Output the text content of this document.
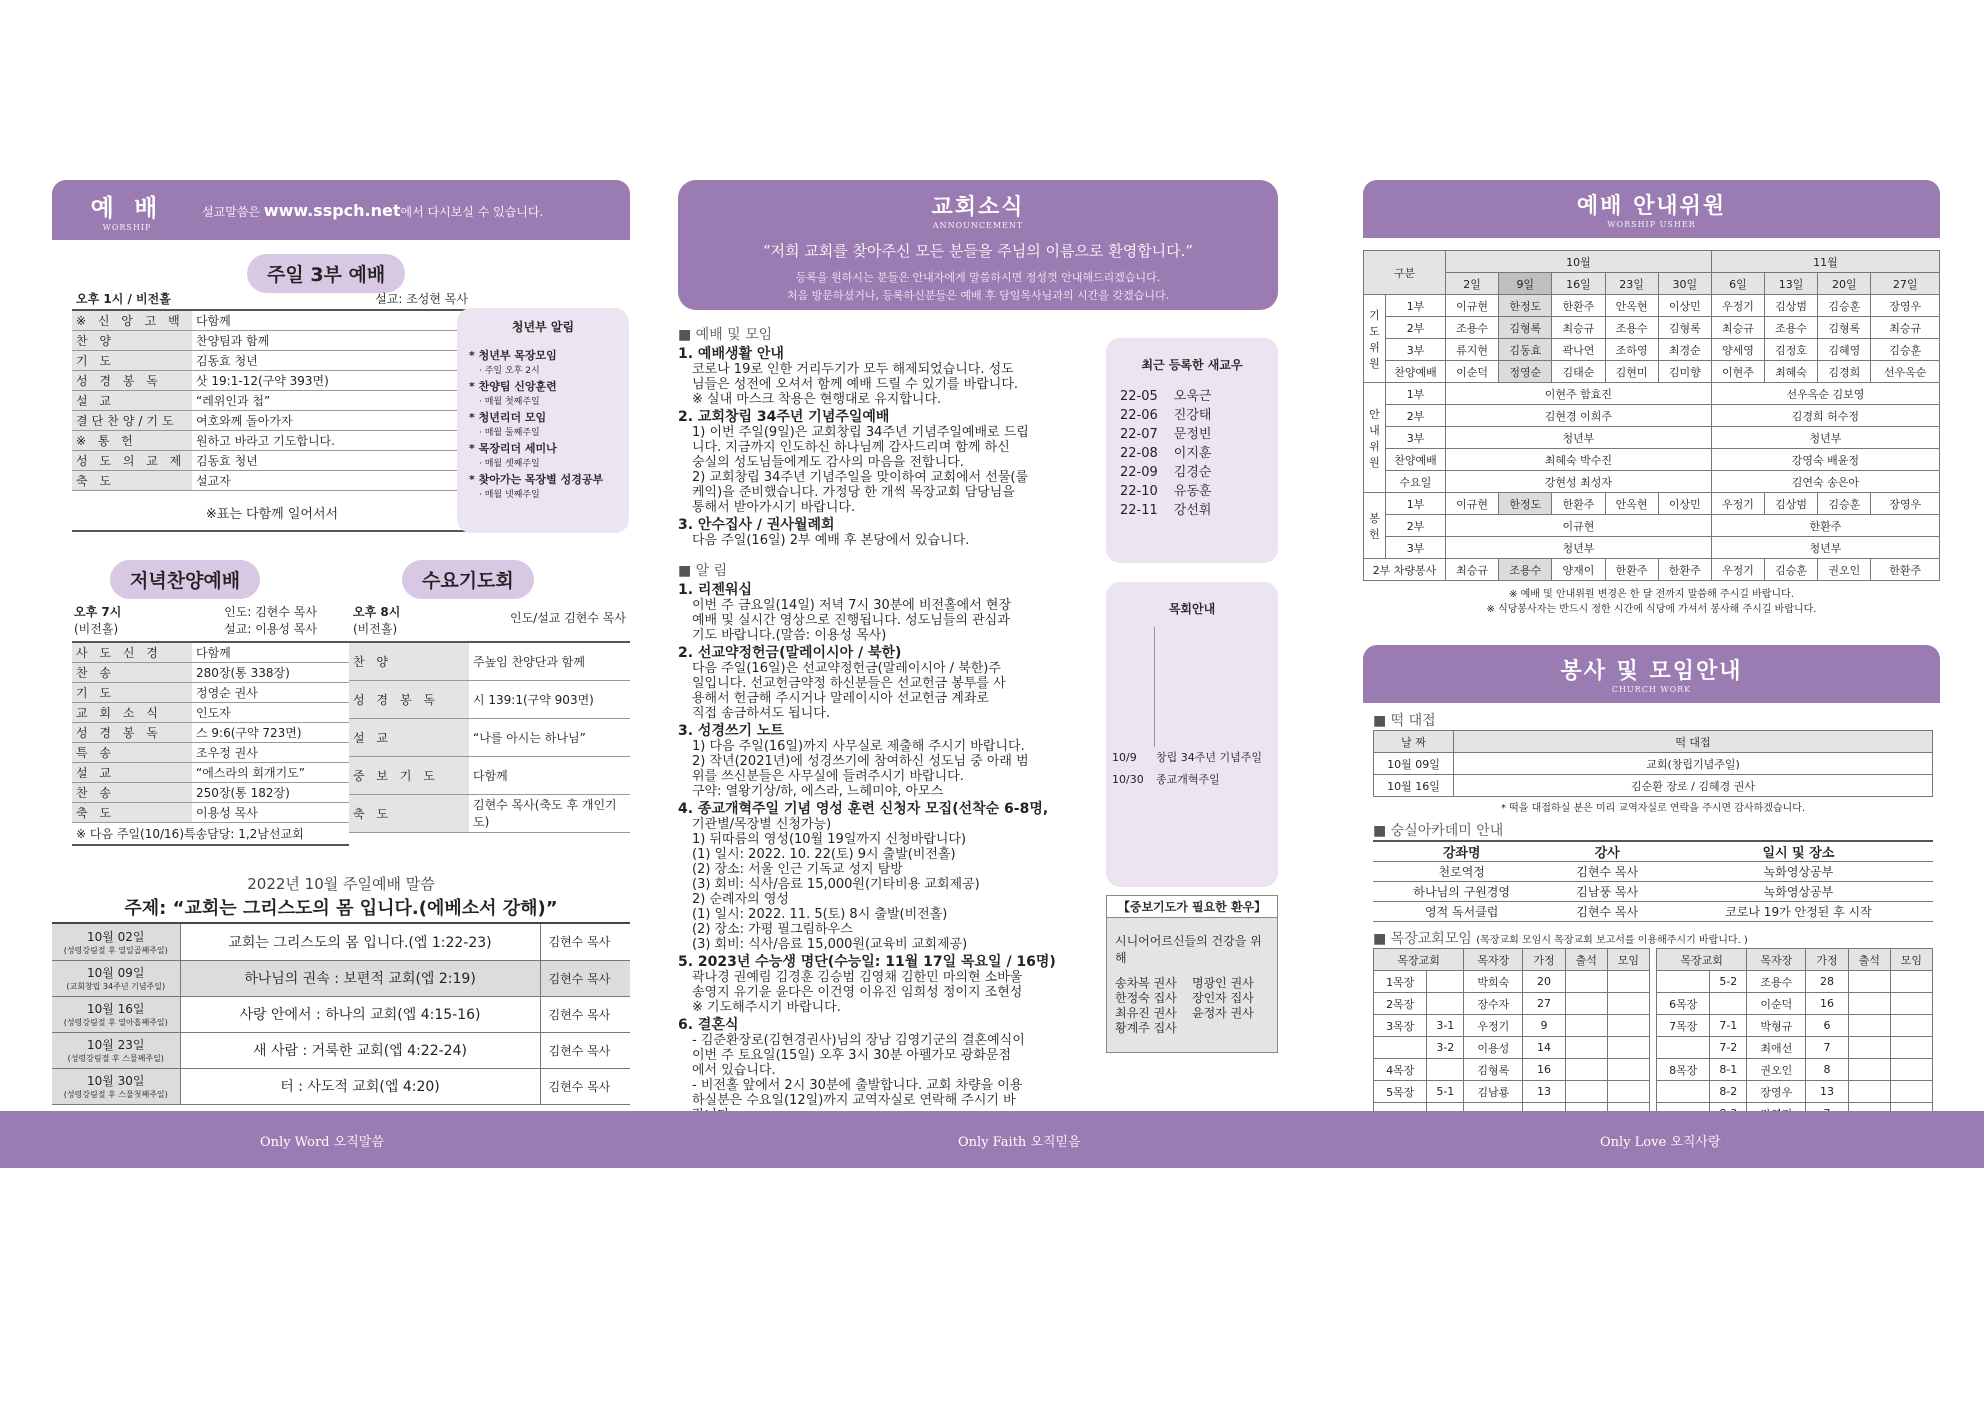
예 배
WORSHIP
설교말씀은 www.sspch.net에서 다시보실 수 있습니다.
주일 3부 예배
오후 1시 / 비전홀	설교: 조성현 목사
※ 신 앙 고 백	다함께
찬 양	찬양팀과 함께
기 도	김동효 청년
성 경 봉 독	삿 19:1-12(구약 393면)
설 교	“레위인과 첩”
결단찬양/기도	여호와께 돌아가자
※ 통 헌	원하고 바라고 기도합니다.
성 도 의 교 제	김동효 청년
축 도	설교자
※표는 다함께 일어서서
청년부 알림
* 청년부 목장모임
· 주일 오후 2시
* 찬양팀 신앙훈련
· 매월 첫째주일
* 청년리더 모임
· 매월 둘째주일
* 목장리더 세미나
· 매월 셋째주일
* 찾아가는 목장별 성경공부
· 매월 넷째주일
저녁찬양예배	수요기도회
오후 7시
(비전홀)
인도: 김현수 목사
설교: 이용성 목사
사 도 신 경	다함께
찬 송	280장(통 338장)
기 도	정영순 권사
교 회 소 식	인도자
성 경 봉 독	스 9:6(구약 723면)
특 송	조우정 권사
설 교	“에스라의 회개기도”
찬 송	250장(통 182장)
축 도	이용성 목사
※ 다음 주일(10/16)특송담당: 1,2남선교회
오후 8시
(비전홀)
인도/설교 김현수 목사
찬 양	주높임 찬양단과 함께
성 경 봉 독	시 139:1(구약 903면)
설 교	“나를 아시는 하나님”
중 보 기 도	다함께
축 도	김현수 목사(축도 후 개인기도)
2022년 10월 주일예배 말씀
주제: “교회는 그리스도의 몸 입니다.(에베소서 강해)”
10월 02일
(성령강림절 후 열일곱째주일)	교회는 그리스도의 몸 입니다.(엡 1:22-23)	김현수 목사

10월 09일
(교회창립 34주년 기념주일)	하나님의 권속 : 보편적 교회(엡 2:19)	김현수 목사

10월 16일
(성령강림절 후 열아홉째주일)	사랑 안에서 : 하나의 교회(엡 4:15-16)	김현수 목사

10월 23일
(성령강림절 후 스물째주일)	새 사람 : 거룩한 교회(엡 4:22-24)	김현수 목사

10월 30일
(성령강림절 후 스물첫째주일)	터 : 사도적 교회(엡 4:20)	김현수 목사
교회소식
ANNOUNCEMENT
“저희 교회를 찾아주신 모든 분들을 주님의 이름으로 환영합니다.”
등록을 원하시는 분들은 안내자에게 말씀하시면 정성껏 안내해드리겠습니다.
처음 방문하셨거나, 등록하신분들은 예배 후 담임목사님과의 시간을 갖겠습니다.
■ 예배 및 모임

1. 예배생활 안내

코로나 19로 인한 거리두기가 모두 해제되었습니다. 성도

님들은 성전에 오셔서 함께 예배 드릴 수 있기를 바랍니다.

※ 실내 마스크 착용은 현행대로 유지합니다.

2. 교회창립 34주년 기념주일예배

1) 이번 주일(9일)은 교회창립 34주년 기념주일예배로 드립

니다. 지금까지 인도하신 하나님께 감사드리며 함께 하신

숭실의 성도님들에게도 감사의 마음을 전합니다.

2) 교회창립 34주년 기념주일을 맞이하여 교회에서 선물(룰

케익)을 준비했습니다. 가정당 한 개씩 목장교회 담당님을

통해서 받아가시기 바랍니다.

3. 안수집사 / 권사월례회

다음 주일(16일) 2부 예배 후 본당에서 있습니다.

■ 알 림

1. 리젠워십

이번 주 금요일(14일) 저녁 7시 30분에 비전홀에서 현장

예배 및 실시간 영상으로 진행됩니다. 성도님들의 관심과

기도 바랍니다.(말씀: 이용성 목사)

2. 선교약정헌금(말레이시아 / 북한)

다음 주일(16일)은 선교약정헌금(말레이시아 / 북한)주

일입니다. 선교헌금약정 하신분들은 선교헌금 봉투를 사

용해서 헌금해 주시거나 말레이시아 선교헌금 계좌로

직접 송금하셔도 됩니다.

3. 성경쓰기 노트

1) 다음 주일(16일)까지 사무실로 제출해 주시기 바랍니다.

2) 작년(2021년)에 성경쓰기에 참여하신 성도님 중 아래 범

위를 쓰신분들은 사무실에 들려주시기 바랍니다.

구약: 열왕기상/하, 에스라, 느헤미야, 아모스

4. 종교개혁주일 기념 영성 훈련 신청자 모집(선착순 6-8명,

기관별/목장별 신청가능)

1) 뒤따름의 영성(10월 19일까지 신청바랍니다)

(1) 일시: 2022. 10. 22(토) 9시 출발(비전홀)

(2) 장소: 서울 인근 기독교 성지 탐방

(3) 회비: 식사/음료 15,000원(기타비용 교회제공)

2) 순례자의 영성

(1) 일시: 2022. 11. 5(토) 8시 출발(비전홀)

(2) 장소: 가평 필그림하우스

(3) 회비: 식사/음료 15,000원(교육비 교회제공)

5. 2023년 수능생 명단(수능일: 11월 17일 목요일 / 16명)

곽나경 권예림 김경훈 김승범 김영채 김한민 마의현 소바울

송영지 유기윤 윤다은 이건영 이유진 임희성 정이지 조현성

※ 기도해주시기 바랍니다.

6. 결혼식

- 김준환장로(김현경권사)님의 장남 김영기군의 결혼예식이

이번 주 토요일(15일) 오후 3시 30분 아펠가모 광화문점

에서 있습니다.

- 비전홀 앞에서 2시 30분에 출발합니다. 교회 차량을 이용

하실분은 수요일(12일)까지 교역자실로 연락해 주시기 바

최근 등록한 새교우
22-05 오욱근
22-06 진강태
22-07 문정빈
22-08 이지훈
22-09 김경순
22-10 유동훈
22-11 강선휘
목회안내
10/9	창립 34주년 기념주일
10/30	종교개혁주일
【중보기도가 필요한 환우】
시니어어르신들의 건강을 위해
송차복 권사	명광인 권사
한정숙 집사	장인자 집사
최유진 권사	윤정자 권사
황계주 집사
예배 안내위원
WORSHIP USHER
구분		10월					11월			
		2일	9일	16일	23일	30일	6일	13일	20일	27일
기 도 위 원	1부	이규현	한정도	한환주	안옥현	이상민	우정기	김상범	김승훈	장영우
	2부	조용수	김형록	최승규	조용수	김형록	최승규	조용수	김형록	최승규
	3부	류지현	김동효	곽나연	조하영	최경순	양세영	김정호	김혜영	김승훈
	찬양예배	이순덕	정영순	김태순	김현미	김미향	이현주	최혜숙	김경희	선우옥순
안 내 위 원	1부	이현주 함효진					선우옥순 김보영			
	2부	김현경 이희주					김경희 허수정			
	3부	청년부					청년부			
	찬양예배	최혜숙 박수진					강영숙 배윤정			
	수요일	강현성 최성자					김연숙 송은아			
봉 헌	1부	이규현	한정도	한환주	안옥현	이상민	우정기	김상범	김승훈	장영우
	2부	이규현					한환주			
	3부	청년부					청년부			
2부 차량봉사		최승규	조용수	양재이	한환주	한환주	우정기	김승훈	권오인	한환주
※ 예배 및 안내위원 변경은 한 달 전까지 말씀해 주시길 바랍니다.
※ 식당봉사자는 반드시 정한 시간에 식당에 가셔서 봉사해 주시길 바랍니다.
봉사 및 모임안내
CHURCH WORK
■ 떡 대접
날 짜	떡 대접
10월 09일	교회(창립기념주일)
10월 16일	김순환 장로 / 김혜경 권사
* 떡을 대접하실 분은 미리 교역자실로 연락을 주시면 감사하겠습니다.
■ 숭실아카데미 안내
강좌명	강사	일시 및 장소
천로역정	김현수 목사	녹화영상공부
하나님의 구원경영	김남풍 목사	녹화영상공부
영적 독서클럽	김현수 목사	코로나 19가 안정된 후 시작
■ 목장교회모임 (목장교회 모임시 목장교회 보고서를 이용해주시기 바랍니다. )
목장교회		목자장	가정	출석	모임
1목장		박희숙	20		
2목장		장수자	27		
3목장	3-1	우정기	9		
	3-2	이용성	14		
4목장		김형록	16		
5목장	5-1	김남룡	13		

목장교회		목자장	가정	출석	모임
	5-2	조용수	28		
6목장		이순덕	16		
7목장	7-1	박형규	6		
	7-2	최애선	7		
8목장	8-1	권오인	8		
	8-2	장영우	13		

Only Word 오직말씀	Only Faith 오직믿음	Only Love 오직사랑
